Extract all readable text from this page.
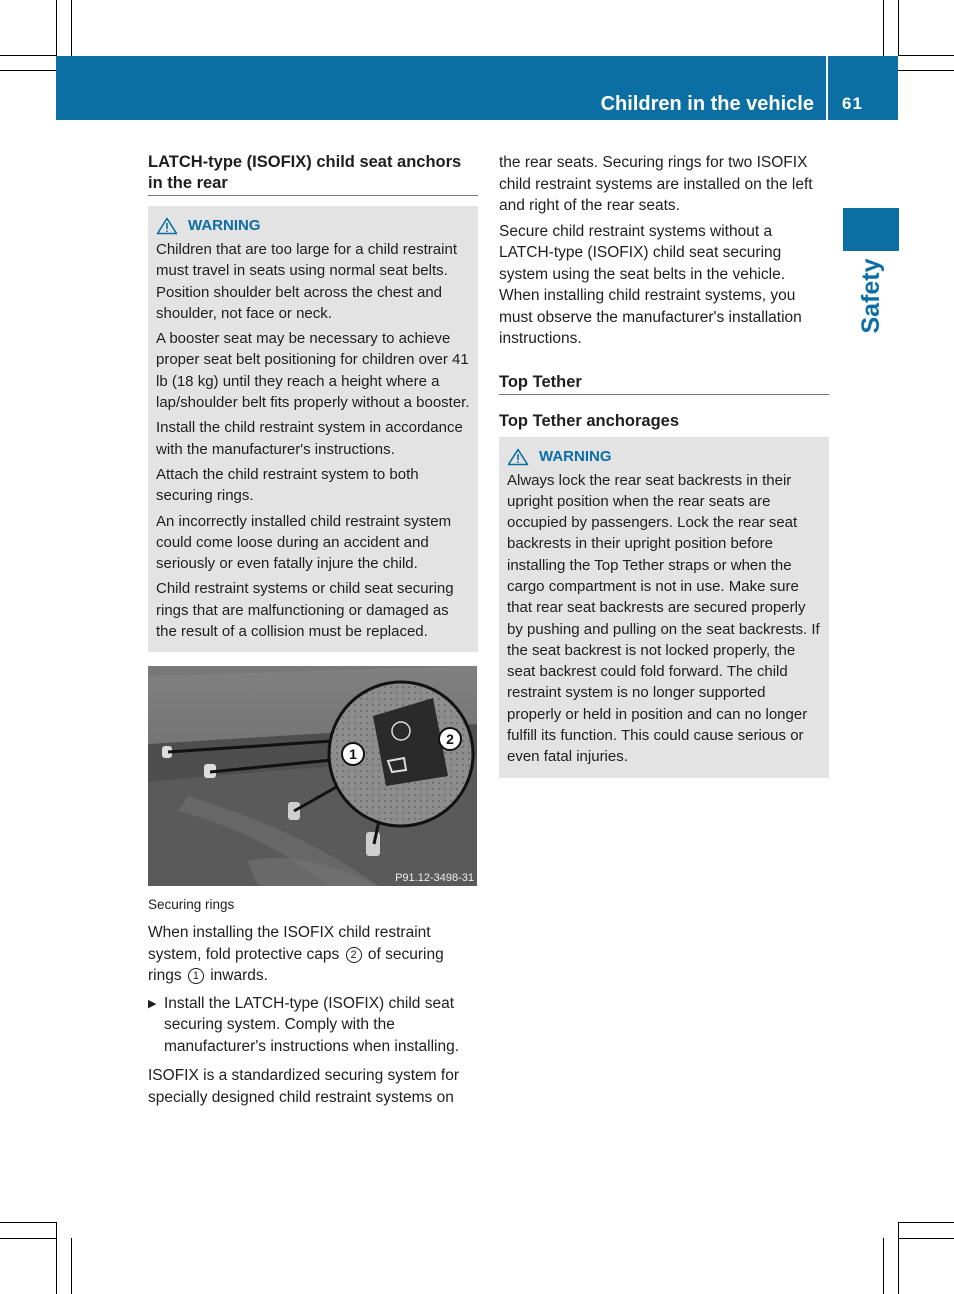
Children in the vehicle 61
Safety
LATCH-type (ISOFIX) child seat anchors in the rear
WARNING

Children that are too large for a child restraint must travel in seats using normal seat belts. Position shoulder belt across the chest and shoulder, not face or neck.

A booster seat may be necessary to achieve proper seat belt positioning for children over 41 lb (18 kg) until they reach a height where a lap/shoulder belt fits properly without a booster.

Install the child restraint system in accordance with the manufacturer's instructions.

Attach the child restraint system to both securing rings.

An incorrectly installed child restraint system could come loose during an accident and seriously or even fatally injure the child.

Child restraint systems or child seat securing rings that are malfunctioning or damaged as the result of a collision must be replaced.

1
2
P91.12-3498-31
Securing rings

When installing the ISOFIX child restraint system, fold protective caps 2 of securing rings 1 inwards.

▶ Install the LATCH-type (ISOFIX) child seat securing system. Comply with the manufacturer's instructions when installing.

ISOFIX is a standardized securing system for specially designed child restraint systems on

the rear seats. Securing rings for two ISOFIX child restraint systems are installed on the left and right of the rear seats.

Secure child restraint systems without a LATCH-type (ISOFIX) child seat securing system using the seat belts in the vehicle. When installing child restraint systems, you must observe the manufacturer's installation instructions.

Top Tether
Top Tether anchorages
WARNING

Always lock the rear seat backrests in their upright position when the rear seats are occupied by passengers. Lock the rear seat backrests in their upright position before installing the Top Tether straps or when the cargo compartment is not in use. Make sure that rear seat backrests are secured properly by pushing and pulling on the seat backrests. If the seat backrest is not locked properly, the seat backrest could fold forward. The child restraint system is no longer supported properly or held in position and can no longer fulfill its function. This could cause serious or even fatal injuries.
